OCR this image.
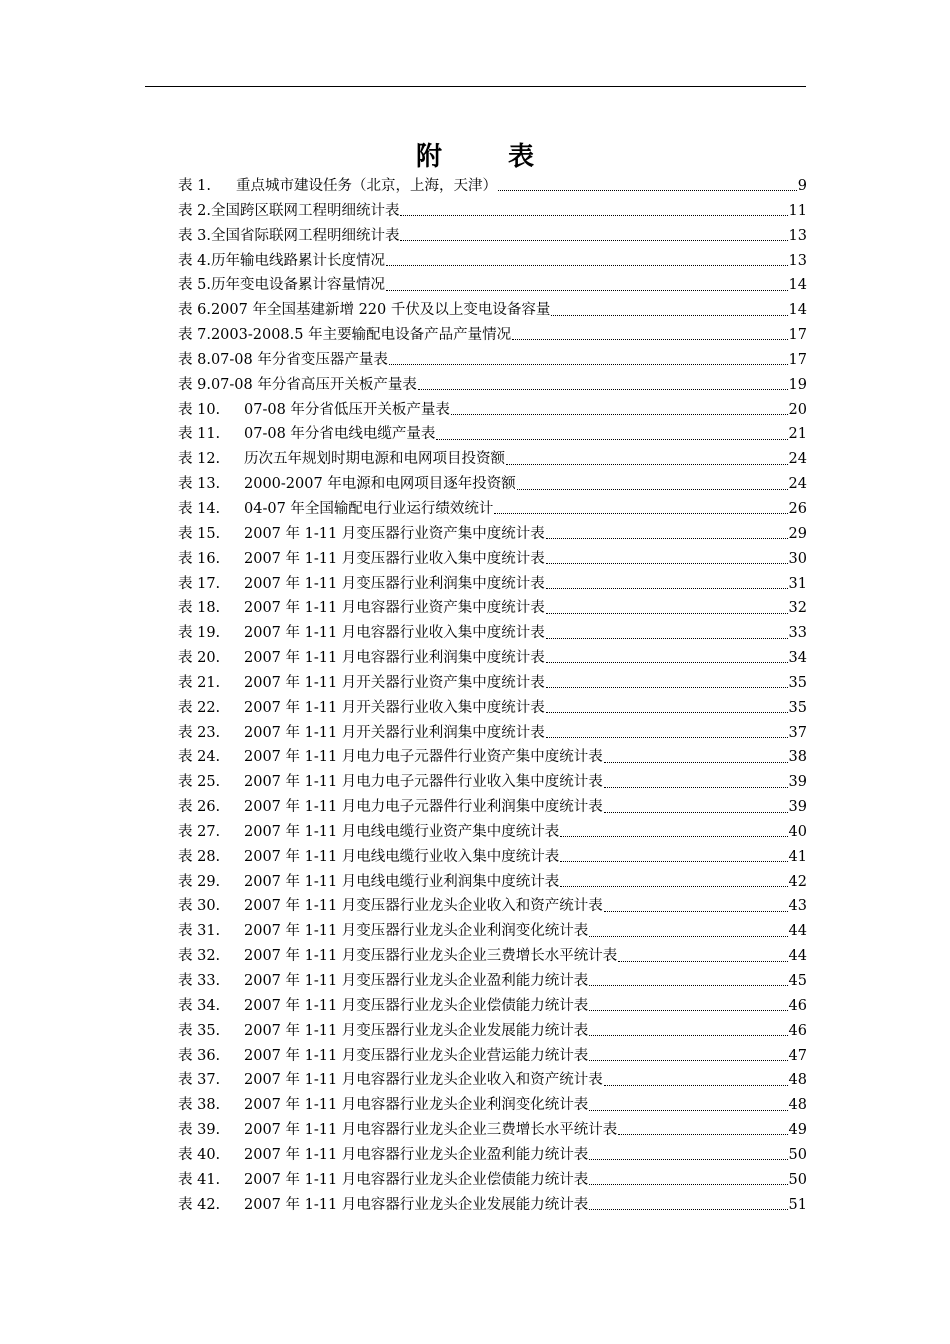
附　表
表 1.	重点城市建设任务（北京，上海，天津）	9
表 2. 全国跨区联网工程明细统计表	11
表 3. 全国省际联网工程明细统计表	13
表 4. 历年输电线路累计长度情况	13
表 5. 历年变电设备累计容量情况	14
表 6. 2007 年全国基建新增 220 千伏及以上变电设备容量	14
表 7. 2003-2008.5 年主要输配电设备产品产量情况	17
表 8. 07-08 年分省变压器产量表	17
表 9. 07-08 年分省高压开关板产量表	19
表 10.	07-08 年分省低压开关板产量表	20
表 11.	07-08 年分省电线电缆产量表	21
表 12.	历次五年规划时期电源和电网项目投资额	24
表 13.	2000-2007 年电源和电网项目逐年投资额	24
表 14.	04-07 年全国输配电行业运行绩效统计	26
表 15.	2007 年 1-11 月变压器行业资产集中度统计表	29
表 16.	2007 年 1-11 月变压器行业收入集中度统计表	30
表 17.	2007 年 1-11 月变压器行业利润集中度统计表	31
表 18.	2007 年 1-11 月电容器行业资产集中度统计表	32
表 19.	2007 年 1-11 月电容器行业收入集中度统计表	33
表 20.	2007 年 1-11 月电容器行业利润集中度统计表	34
表 21.	2007 年 1-11 月开关器行业资产集中度统计表	35
表 22.	2007 年 1-11 月开关器行业收入集中度统计表	35
表 23.	2007 年 1-11 月开关器行业利润集中度统计表	37
表 24.	2007 年 1-11 月电力电子元器件行业资产集中度统计表	38
表 25.	2007 年 1-11 月电力电子元器件行业收入集中度统计表	39
表 26.	2007 年 1-11 月电力电子元器件行业利润集中度统计表	39
表 27.	2007 年 1-11 月电线电缆行业资产集中度统计表	40
表 28.	2007 年 1-11 月电线电缆行业收入集中度统计表	41
表 29.	2007 年 1-11 月电线电缆行业利润集中度统计表	42
表 30.	2007 年 1-11 月变压器行业龙头企业收入和资产统计表	43
表 31.	2007 年 1-11 月变压器行业龙头企业利润变化统计表	44
表 32.	2007 年 1-11 月变压器行业龙头企业三费增长水平统计表	44
表 33.	2007 年 1-11 月变压器行业龙头企业盈利能力统计表	45
表 34.	2007 年 1-11 月变压器行业龙头企业偿债能力统计表	46
表 35.	2007 年 1-11 月变压器行业龙头企业发展能力统计表	46
表 36.	2007 年 1-11 月变压器行业龙头企业营运能力统计表	47
表 37.	2007 年 1-11 月电容器行业龙头企业收入和资产统计表	48
表 38.	2007 年 1-11 月电容器行业龙头企业利润变化统计表	48
表 39.	2007 年 1-11 月电容器行业龙头企业三费增长水平统计表	49
表 40.	2007 年 1-11 月电容器行业龙头企业盈利能力统计表	50
表 41.	2007 年 1-11 月电容器行业龙头企业偿债能力统计表	50
表 42.	2007 年 1-11 月电容器行业龙头企业发展能力统计表	51
